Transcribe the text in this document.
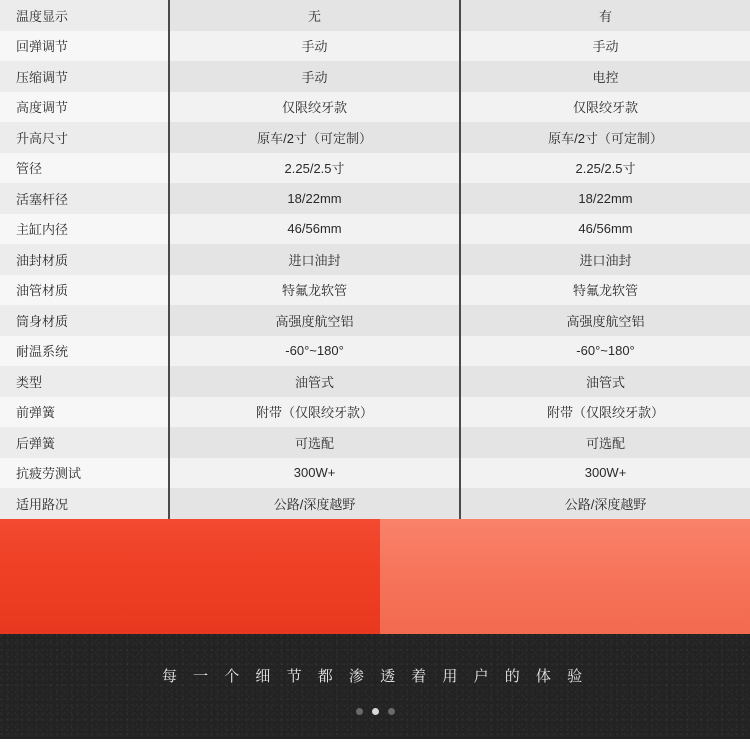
温度显示	无	有
回弹调节	手动	手动
压缩调节	手动	电控
高度调节	仅限绞牙款	仅限绞牙款
升高尺寸	原车/2寸（可定制）	原车/2寸（可定制）
管径	2.25/2.5寸	2.25/2.5寸
活塞杆径	18/22mm	18/22mm
主缸内径	46/56mm	46/56mm
油封材质	进口油封	进口油封
油管材质	特氟龙软管	特氟龙软管
筒身材质	高强度航空铝	高强度航空铝
耐温系统	-60°~180°	-60°~180°
类型	油管式	油管式
前弹簧	附带（仅限绞牙款）	附带（仅限绞牙款）
后弹簧	可选配	可选配
抗疲劳测试	300W+	300W+
适用路况	公路/深度越野	公路/深度越野
每 一 个 细 节 都 渗 透 着 用 户 的 体 验
